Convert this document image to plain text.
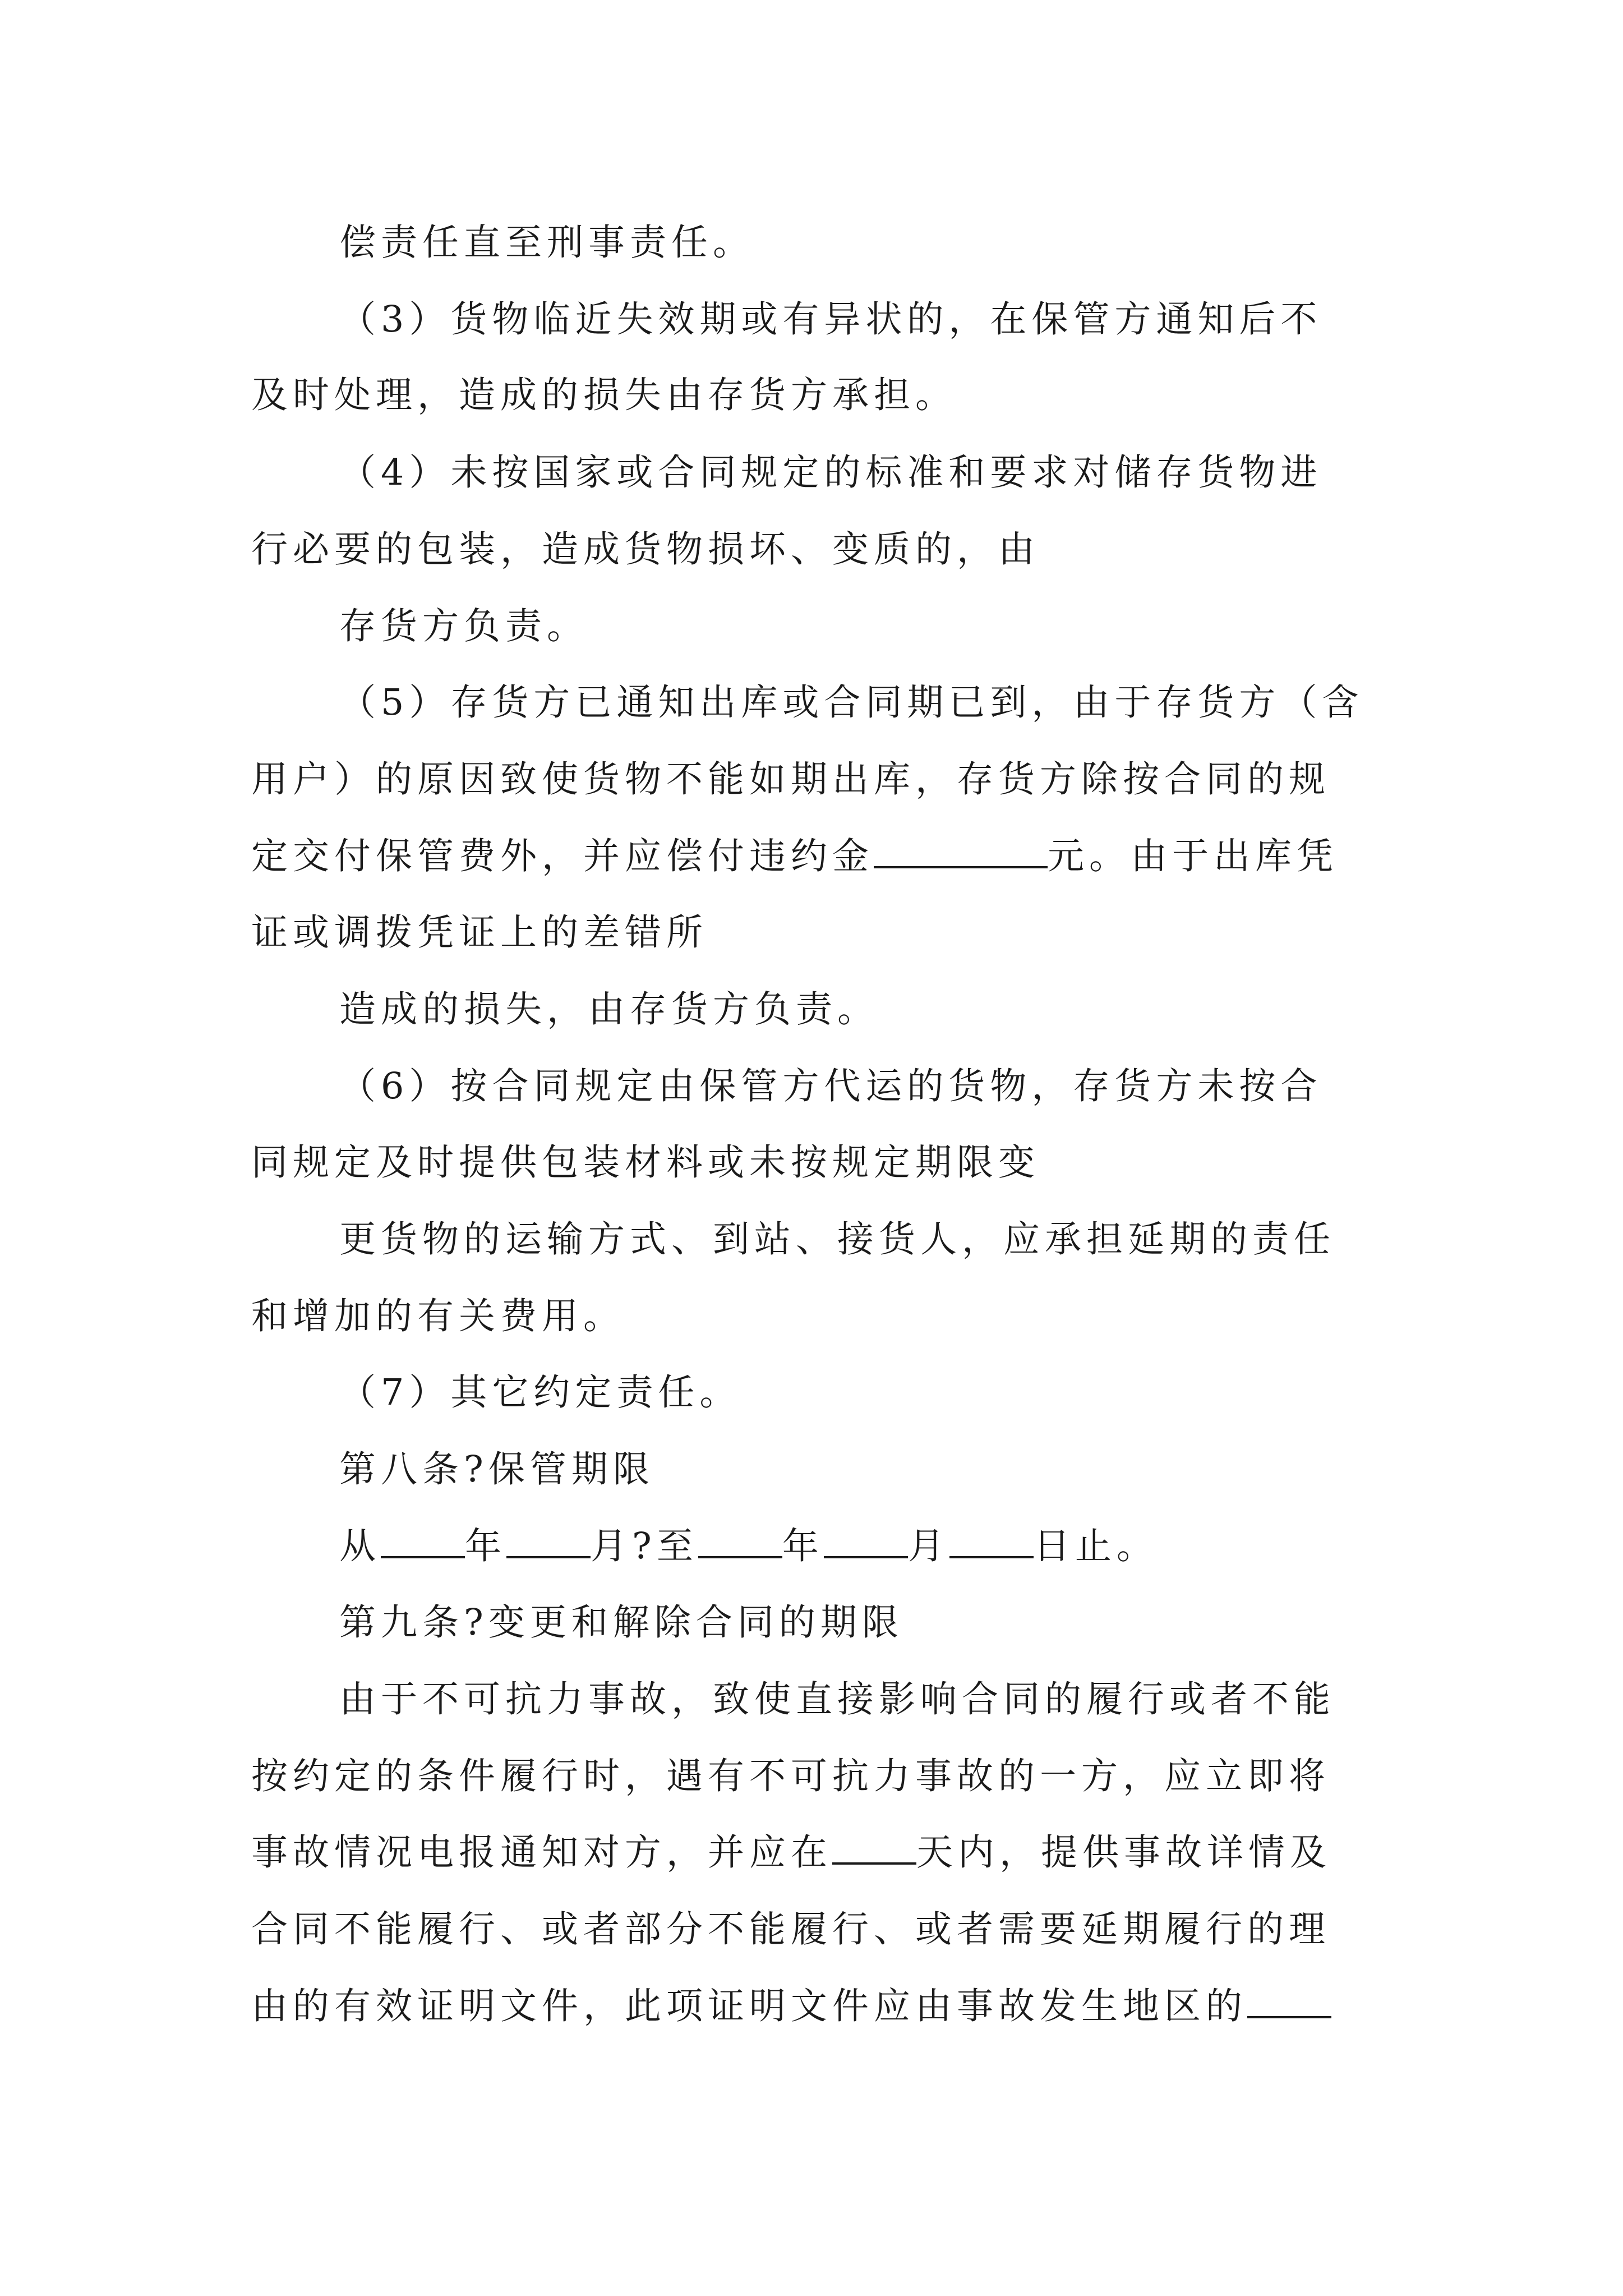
偿责任直至刑事责任。
（3）货物临近失效期或有异状的，在保管方通知后不
及时处理，造成的损失由存货方承担。
（4）未按国家或合同规定的标准和要求对储存货物进
行必要的包装，造成货物损坏、变质的，由
存货方负责。
（5）存货方已通知出库或合同期已到，由于存货方（含
用户）的原因致使货物不能如期出库，存货方除按合同的规
定交付保管费外，并应偿付违约金	元。由于出库凭
证或调拨凭证上的差错所
造成的损失，由存货方负责。
（6）按合同规定由保管方代运的货物，存货方未按合
同规定及时提供包装材料或未按规定期限变
更货物的运输方式、到站、接货人，应承担延期的责任
和增加的有关费用。
（7）其它约定责任。
第八条?保管期限
从 年 月?至 年 月 日止。
第九条?变更和解除合同的期限
由于不可抗力事故，致使直接影响合同的履行或者不能
按约定的条件履行时，遇有不可抗力事故的一方，应立即将
事故情况电报通知对方，并应在 天内，提供事故详情及
合同不能履行、或者部分不能履行、或者需要延期履行的理
由的有效证明文件，此项证明文件应由事故发生地区的
